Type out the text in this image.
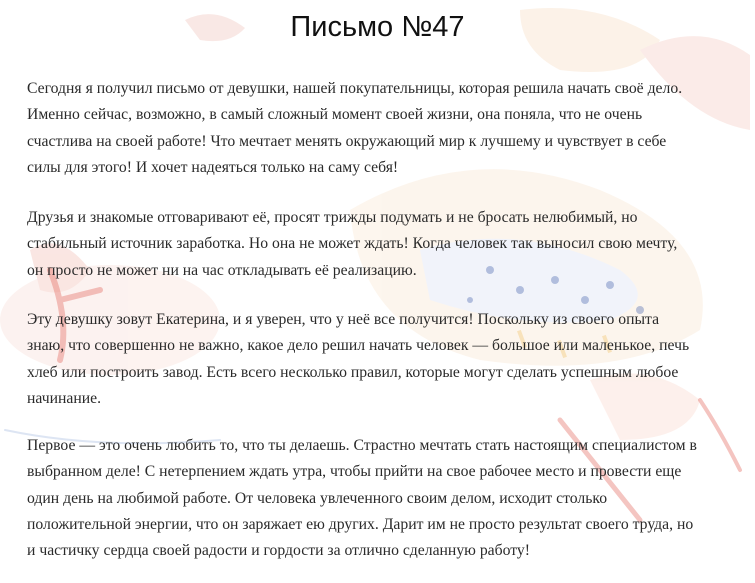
Письмо №47

Сегодня я получил письмо от девушки, нашей покупательницы, которая решила начать своё дело.
Именно сейчас, возможно, в самый сложный момент своей жизни, она поняла, что не очень
счастлива на своей работе! Что мечтает менять окружающий мир к лучшему и чувствует в себе
силы для этого! И хочет надеяться только на саму себя!

Друзья и знакомые отговаривают её, просят трижды подумать и не бросать нелюбимый, но
стабильный источник заработка. Но она не может ждать! Когда человек так выносил свою мечту,
он просто не может ни на час откладывать её реализацию.

Эту девушку зовут Екатерина, и я уверен, что у неё все получится! Поскольку из своего опыта
знаю, что совершенно не важно, какое дело решил начать человек — большое или маленькое, печь
хлеб или построить завод. Есть всего несколько правил, которые могут сделать успешным любое
начинание.

Первое — это очень любить то, что ты делаешь. Страстно мечтать стать настоящим специалистом в
выбранном деле! С нетерпением ждать утра, чтобы прийти на свое рабочее место и провести еще
один день на любимой работе. От человека увлеченного своим делом, исходит столько
положительной энергии, что он заряжает ею других. Дарит им не просто результат своего труда, но
и частичку сердца своей радости и гордости за отлично сделанную работу!
